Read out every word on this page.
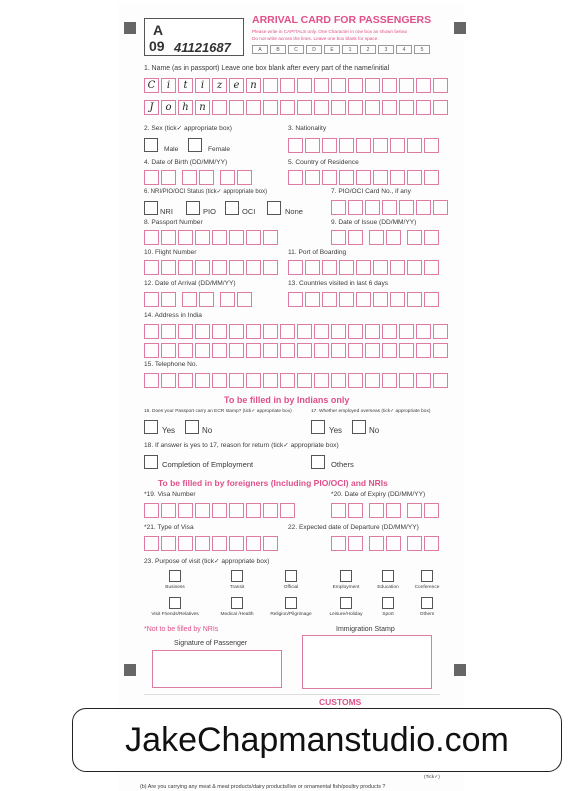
A
09 41121687
ARRIVAL CARD FOR PASSENGERS
Please write in CAPITALS only. One Character in one box as shown below.
Do not write across the lines. Leave one box blank for space.
A	B	C	D	E	1	2	3	4	5
1. Name (as in passport) Leave one box blank after every part of the name/initial
C	i	t	i	z	e	n
J	o	h	n
2. Sex (tick✓ appropriate box)	3. Nationality
Male	Female
4. Date of Birth (DD/MM/YY)	5. Country of Residence
6. NRI/PIO/OCI Status (tick✓ appropriate box)	7. PIO/OCI Card No., if any
NRI	PIO	OCI	None
8. Passport Number	9. Date of Issue (DD/MM/YY)
10. Flight Number	11. Port of Boarding
12. Date of Arrival (DD/MM/YY)	13. Countries visited in last 6 days
14. Address in India
15. Telephone No.
To be filled in by Indians only
16. Does your Passport carry an ECR stamp? (tick✓ appropriate box)	17. Whether employed overseas (tick✓ appropriate box)
Yes	No	Yes	No
18. If answer is yes to 17, reason for return (tick✓ appropriate box)
Completion of Employment	Others
To be filled in by foreigners (Including PIO/OCI) and NRIs
*19. Visa Number	*20. Date of Expiry (DD/MM/YY)
*21. Type of Visa	22. Expected date of Departure (DD/MM/YY)
23. Purpose of visit (tick✓ appropriate box)
Business	Transit	Official	Employment	Education	Conference
Visit Friends/Relatives	Medical /Health	Religion/Pilgrimage	Leisure/Holiday	Sport	Others
*Not to be filled by NRIs	Immigration Stamp
Signature of Passenger
CUSTOMS
(Tick✓)
(b) Are you carrying any meat & meat products/dairy products/live or ornamental fish/poultry products ?
JakeChapmanstudio.com
